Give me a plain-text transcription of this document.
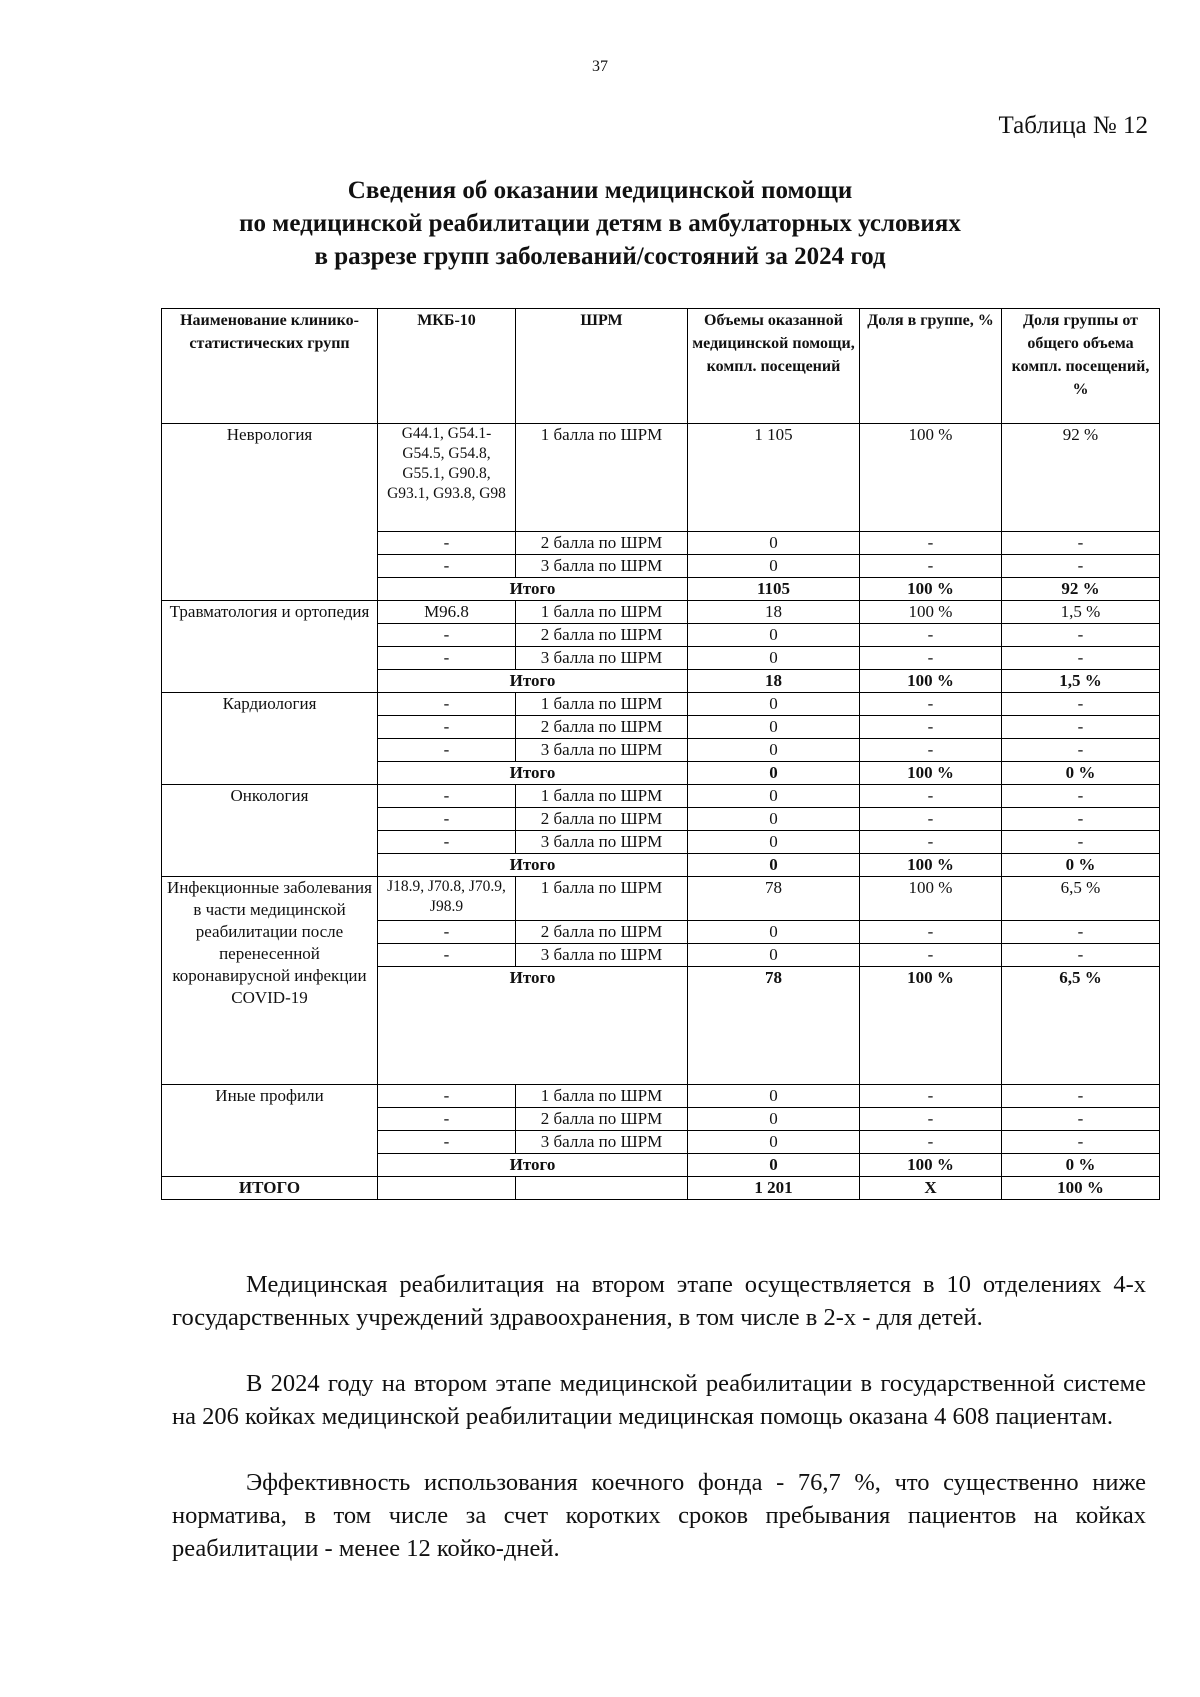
37
Таблица № 12
Сведения об оказании медицинской помощи
по медицинской реабилитации детям в амбулаторных условиях
в разрезе групп заболеваний/состояний за 2024 год
Наименование клинико-статистических групп	МКБ-10	ШРМ	Объемы оказанной медицинской помощи, компл. посещений	Доля в группе, %	Доля группы от общего объема компл. посещений, %
Неврология	G44.1, G54.1-G54.5, G54.8, G55.1, G90.8, G93.1, G93.8, G98	1 балла по ШРМ	1 105	100 %	92 %
	-	2 балла по ШРМ	0	-	-
	-	3 балла по ШРМ	0	-	-
	Итого		1105	100 %	92 %
Травматология и ортопедия	M96.8	1 балла по ШРМ	18	100 %	1,5 %
	-	2 балла по ШРМ	0	-	-
	-	3 балла по ШРМ	0	-	-
	Итого		18	100 %	1,5 %
Кардиология	-	1 балла по ШРМ	0	-	-
	-	2 балла по ШРМ	0	-	-
	-	3 балла по ШРМ	0	-	-
	Итого		0	100 %	0 %
Онкология	-	1 балла по ШРМ	0	-	-
	-	2 балла по ШРМ	0	-	-
	-	3 балла по ШРМ	0	-	-
	Итого		0	100 %	0 %
Инфекционные заболевания в части медицинской реабилитации после перенесенной коронавирусной инфекции COVID-19	J18.9, J70.8, J70.9, J98.9	1 балла по ШРМ	78	100 %	6,5 %
	-	2 балла по ШРМ	0	-	-
	-	3 балла по ШРМ	0	-	-
	Итого		78	100 %	6,5 %
Иные профили	-	1 балла по ШРМ	0	-	-
	-	2 балла по ШРМ	0	-	-
	-	3 балла по ШРМ	0	-	-
	Итого		0	100 %	0 %
ИТОГО			1 201	Х	100 %

Медицинская реабилитация на втором этапе осуществляется в 10 отделениях 4-х государственных учреждений здравоохранения, в том числе в 2-х - для детей.

В 2024 году на втором этапе медицинской реабилитации в государственной системе на 206 койках медицинской реабилитации медицинская помощь оказана 4 608 пациентам.

Эффективность использования коечного фонда - 76,7 %, что существенно ниже норматива, в том числе за счет коротких сроков пребывания пациентов на койках реабилитации - менее 12 койко-дней.
